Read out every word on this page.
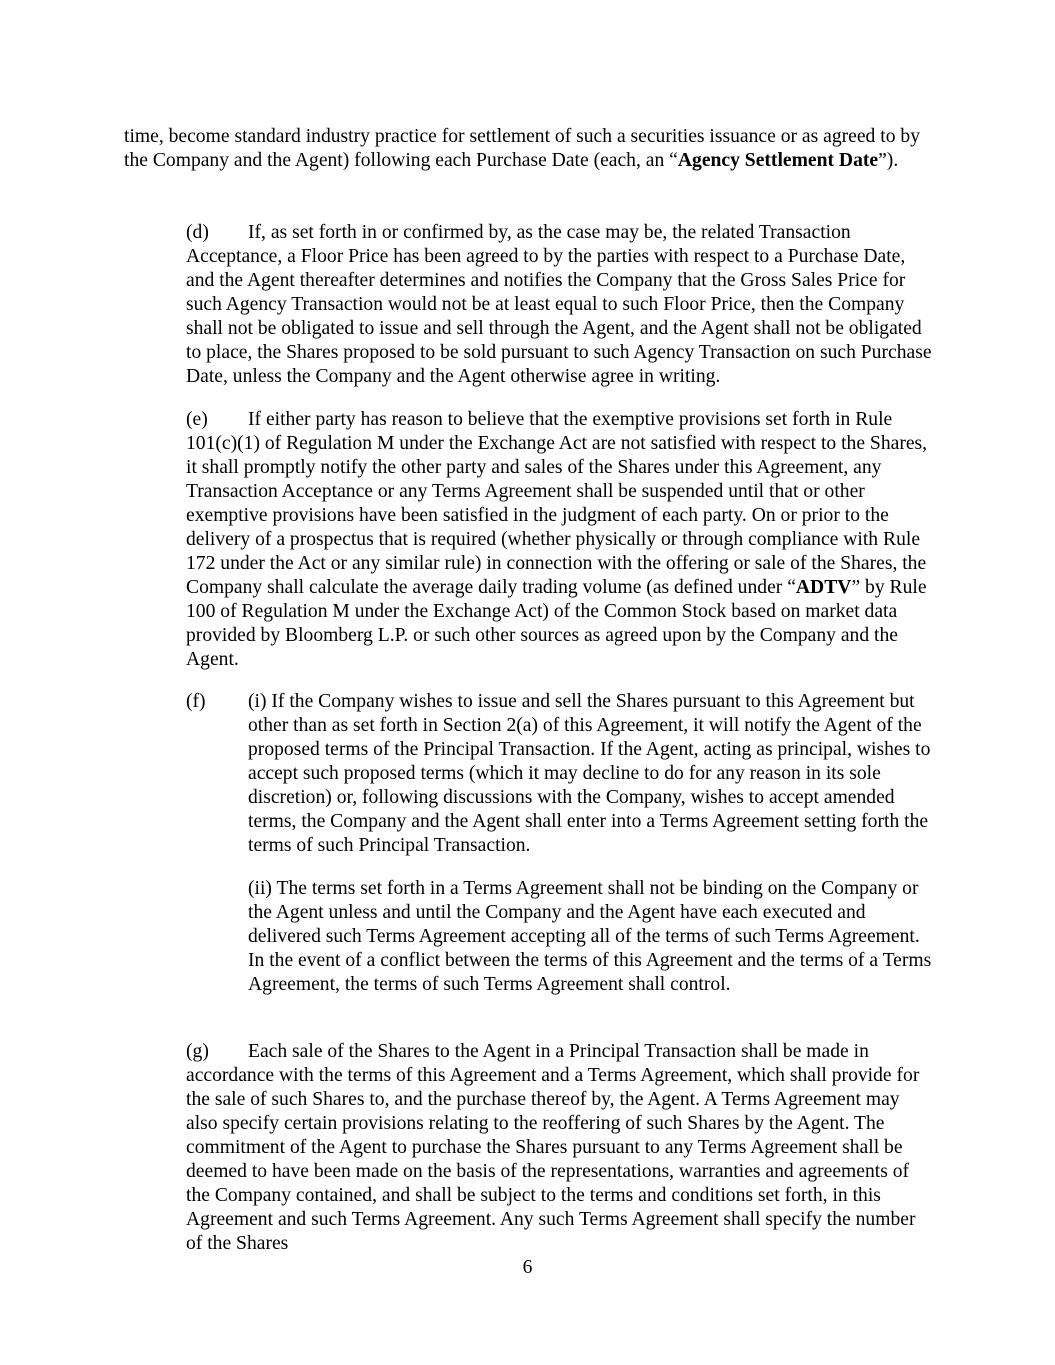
time, become standard industry practice for settlement of such a securities issuance or as agreed to by the Company and the Agent) following each Purchase Date (each, an “Agency Settlement Date”).

(d) If, as set forth in or confirmed by, as the case may be, the related Transaction Acceptance, a Floor Price has been agreed to by the parties with respect to a Purchase Date, and the Agent thereafter determines and notifies the Company that the Gross Sales Price for such Agency Transaction would not be at least equal to such Floor Price, then the Company shall not be obligated to issue and sell through the Agent, and the Agent shall not be obligated to place, the Shares proposed to be sold pursuant to such Agency Transaction on such Purchase Date, unless the Company and the Agent otherwise agree in writing.

(e) If either party has reason to believe that the exemptive provisions set forth in Rule 101(c)(1) of Regulation M under the Exchange Act are not satisfied with respect to the Shares, it shall promptly notify the other party and sales of the Shares under this Agreement, any Transaction Acceptance or any Terms Agreement shall be suspended until that or other exemptive provisions have been satisfied in the judgment of each party. On or prior to the delivery of a prospectus that is required (whether physically or through compliance with Rule 172 under the Act or any similar rule) in connection with the offering or sale of the Shares, the Company shall calculate the average daily trading volume (as defined under “ADTV” by Rule 100 of Regulation M under the Exchange Act) of the Common Stock based on market data provided by Bloomberg L.P. or such other sources as agreed upon by the Company and the Agent.

(f) (i) If the Company wishes to issue and sell the Shares pursuant to this Agreement but other than as set forth in Section 2(a) of this Agreement, it will notify the Agent of the proposed terms of the Principal Transaction. If the Agent, acting as principal, wishes to accept such proposed terms (which it may decline to do for any reason in its sole discretion) or, following discussions with the Company, wishes to accept amended terms, the Company and the Agent shall enter into a Terms Agreement setting forth the terms of such Principal Transaction.

(ii) The terms set forth in a Terms Agreement shall not be binding on the Company or the Agent unless and until the Company and the Agent have each executed and delivered such Terms Agreement accepting all of the terms of such Terms Agreement. In the event of a conflict between the terms of this Agreement and the terms of a Terms Agreement, the terms of such Terms Agreement shall control.

(g) Each sale of the Shares to the Agent in a Principal Transaction shall be made in accordance with the terms of this Agreement and a Terms Agreement, which shall provide for the sale of such Shares to, and the purchase thereof by, the Agent. A Terms Agreement may also specify certain provisions relating to the reoffering of such Shares by the Agent. The commitment of the Agent to purchase the Shares pursuant to any Terms Agreement shall be deemed to have been made on the basis of the representations, warranties and agreements of the Company contained, and shall be subject to the terms and conditions set forth, in this Agreement and such Terms Agreement. Any such Terms Agreement shall specify the number of the Shares

6
